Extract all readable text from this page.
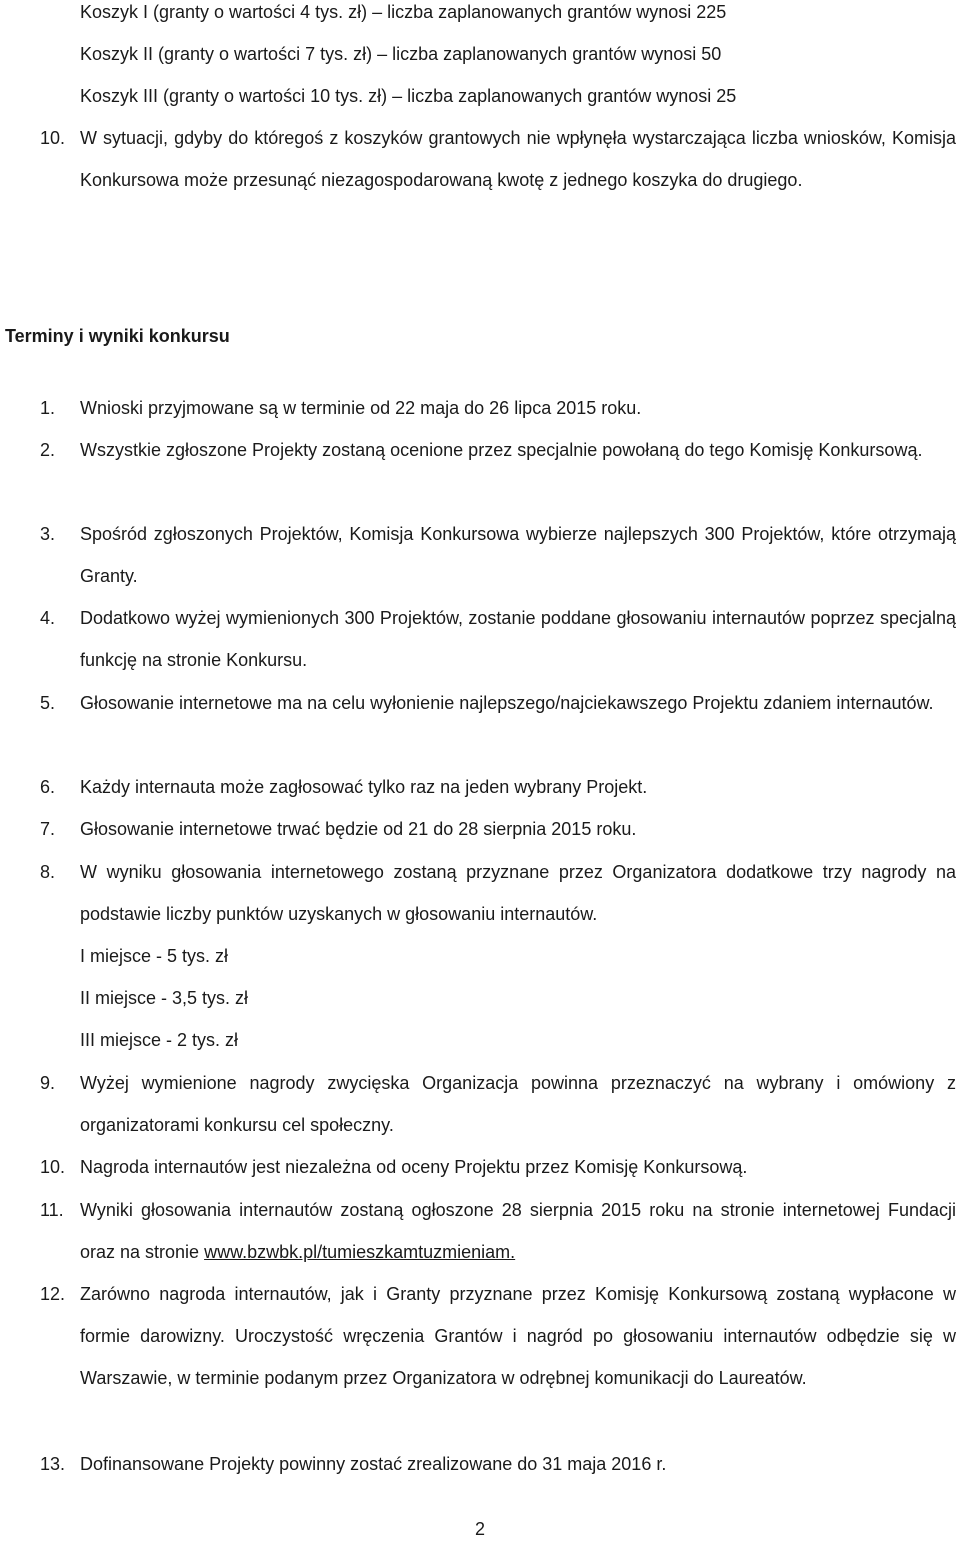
Koszyk I (granty o wartości 4 tys. zł) – liczba zaplanowanych grantów wynosi 225
Koszyk II (granty o wartości 7 tys. zł) – liczba zaplanowanych grantów wynosi 50
Koszyk III (granty o wartości 10 tys. zł) – liczba zaplanowanych grantów wynosi 25
10. W sytuacji, gdyby do któregoś z koszyków grantowych nie wpłynęła wystarczająca liczba wniosków, Komisja Konkursowa może przesunąć niezagospodarowaną kwotę z jednego koszyka do drugiego.
Terminy i wyniki konkursu
1. Wnioski przyjmowane są w terminie od 22 maja do 26 lipca 2015 roku.
2. Wszystkie zgłoszone Projekty zostaną ocenione przez specjalnie powołaną do tego Komisję Konkursową.
3. Spośród zgłoszonych Projektów, Komisja Konkursowa wybierze najlepszych 300 Projektów, które otrzymają Granty.
4. Dodatkowo wyżej wymienionych 300 Projektów, zostanie poddane głosowaniu internautów poprzez specjalną funkcję na stronie Konkursu.
5. Głosowanie internetowe ma na celu wyłonienie najlepszego/najciekawszego Projektu zdaniem internautów.
6. Każdy internauta może zagłosować tylko raz na jeden wybrany Projekt.
7. Głosowanie internetowe trwać będzie od 21 do 28 sierpnia 2015 roku.
8. W wyniku głosowania internetowego zostaną przyznane przez Organizatora dodatkowe trzy nagrody na podstawie liczby punktów uzyskanych w głosowaniu internautów.
I miejsce - 5 tys. zł
II miejsce - 3,5 tys. zł
III miejsce - 2 tys. zł
9. Wyżej wymienione nagrody zwycięska Organizacja powinna przeznaczyć na wybrany i omówiony z organizatorami konkursu cel społeczny.
10. Nagroda internautów jest niezależna od oceny Projektu przez Komisję Konkursową.
11. Wyniki głosowania internautów zostaną ogłoszone 28 sierpnia 2015 roku na stronie internetowej Fundacji oraz na stronie www.bzwbk.pl/tumieszkamtuzmieniam.
12. Zarówno nagroda internautów, jak i Granty przyznane przez Komisję Konkursową zostaną wypłacone w formie darowizny. Uroczystość wręczenia Grantów i nagród po głosowaniu internautów odbędzie się w Warszawie, w terminie podanym przez Organizatora w odrębnej komunikacji do Laureatów.
13. Dofinansowane Projekty powinny zostać zrealizowane do 31 maja 2016 r.
2
